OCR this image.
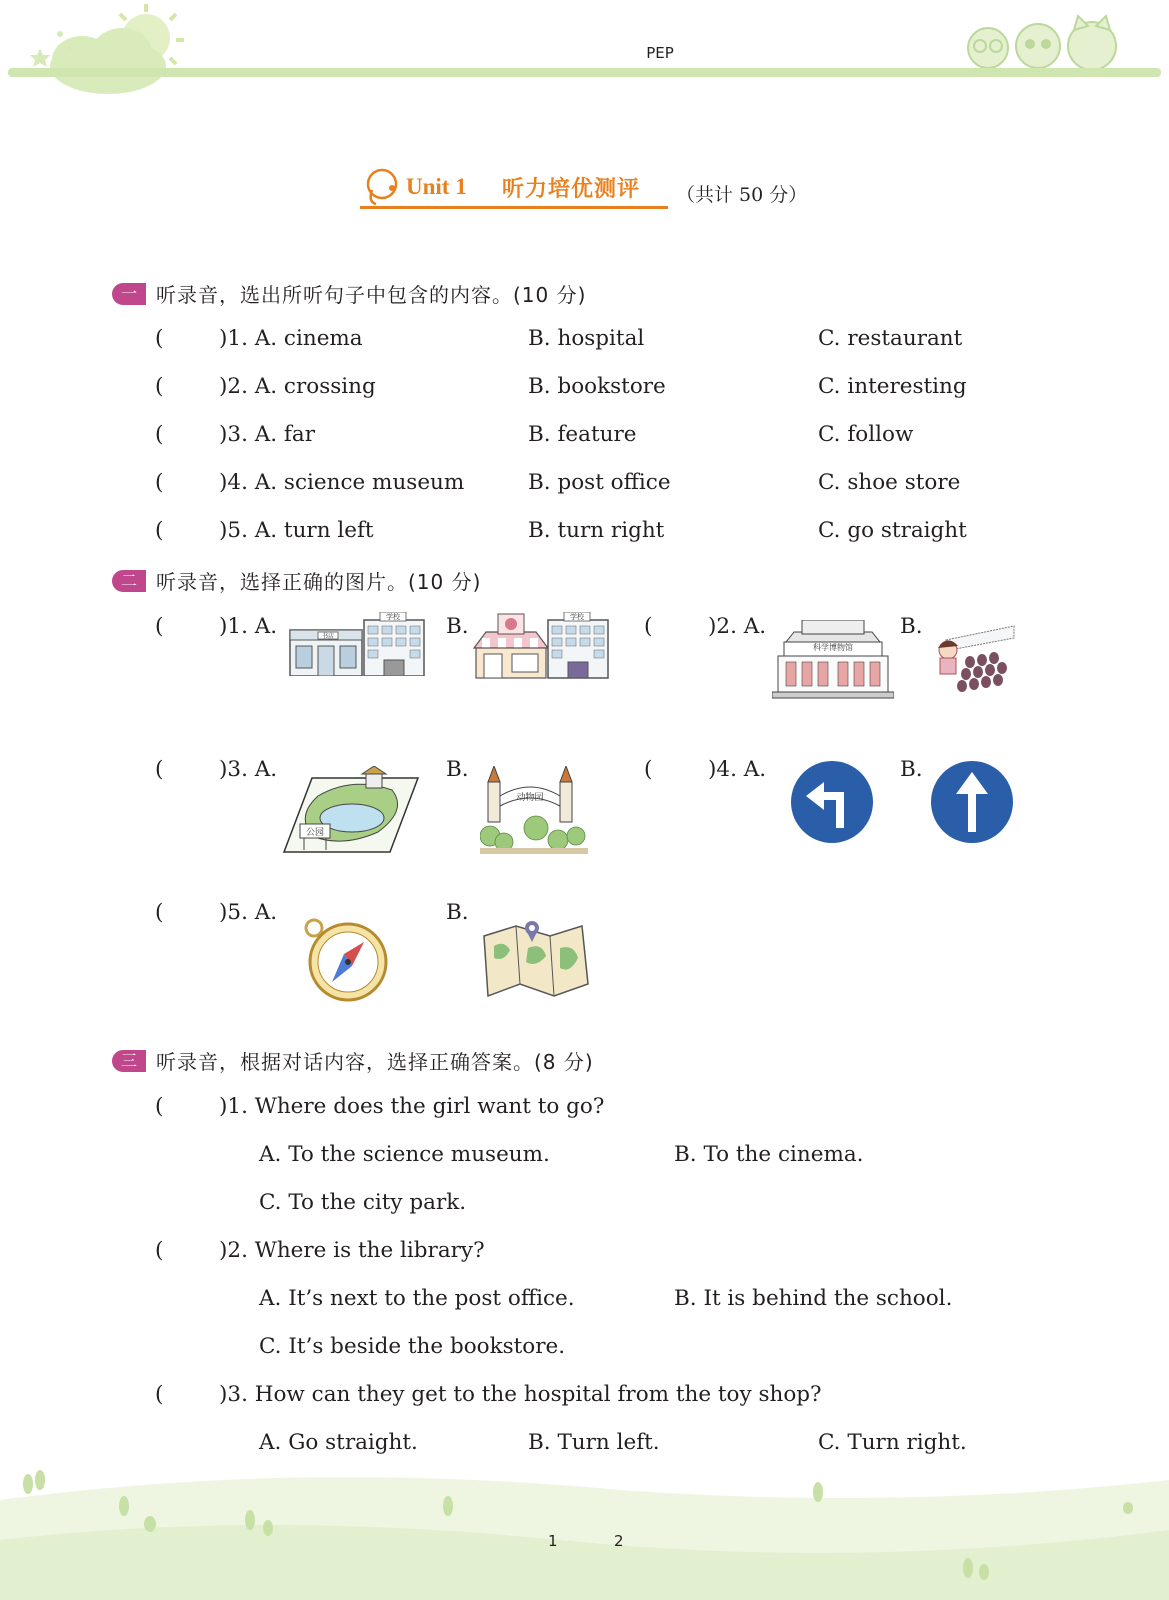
PEP
Unit 1 听力培优测评 （共计 50 分）
一 听录音，选出所听句子中包含的内容。(10 分)
(	)1. A. cinema	B. hospital	C. restaurant
(	)2. A. crossing	B. bookstore	C. interesting
(	)3. A. far	B. feature	C. follow
(	)4. A. science museum	B. post office	C. shoe store
(	)5. A. turn left	B. turn right	C. go straight
二 听录音，选择正确的图片。(10 分)
(	)1. A.	书店
学校 B.	学校	(	)2. A.
科学博物馆
B.
(	)3. A.
公园
B.
动物园
(	)4. A.	B.
(	)5. A.	B.
三 听录音，根据对话内容，选择正确答案。(8 分)
(	)1. Where does the girl want to go?
A. To the science museum.	B. To the cinema.
C. To the city park.
(	)2. Where is the library?
A. It’s next to the post office.	B. It is behind the school.
C. It’s beside the bookstore.
(	)3. How can they get to the hospital from the toy shop?
A. Go straight.	B. Turn left.	C. Turn right.
1	2
